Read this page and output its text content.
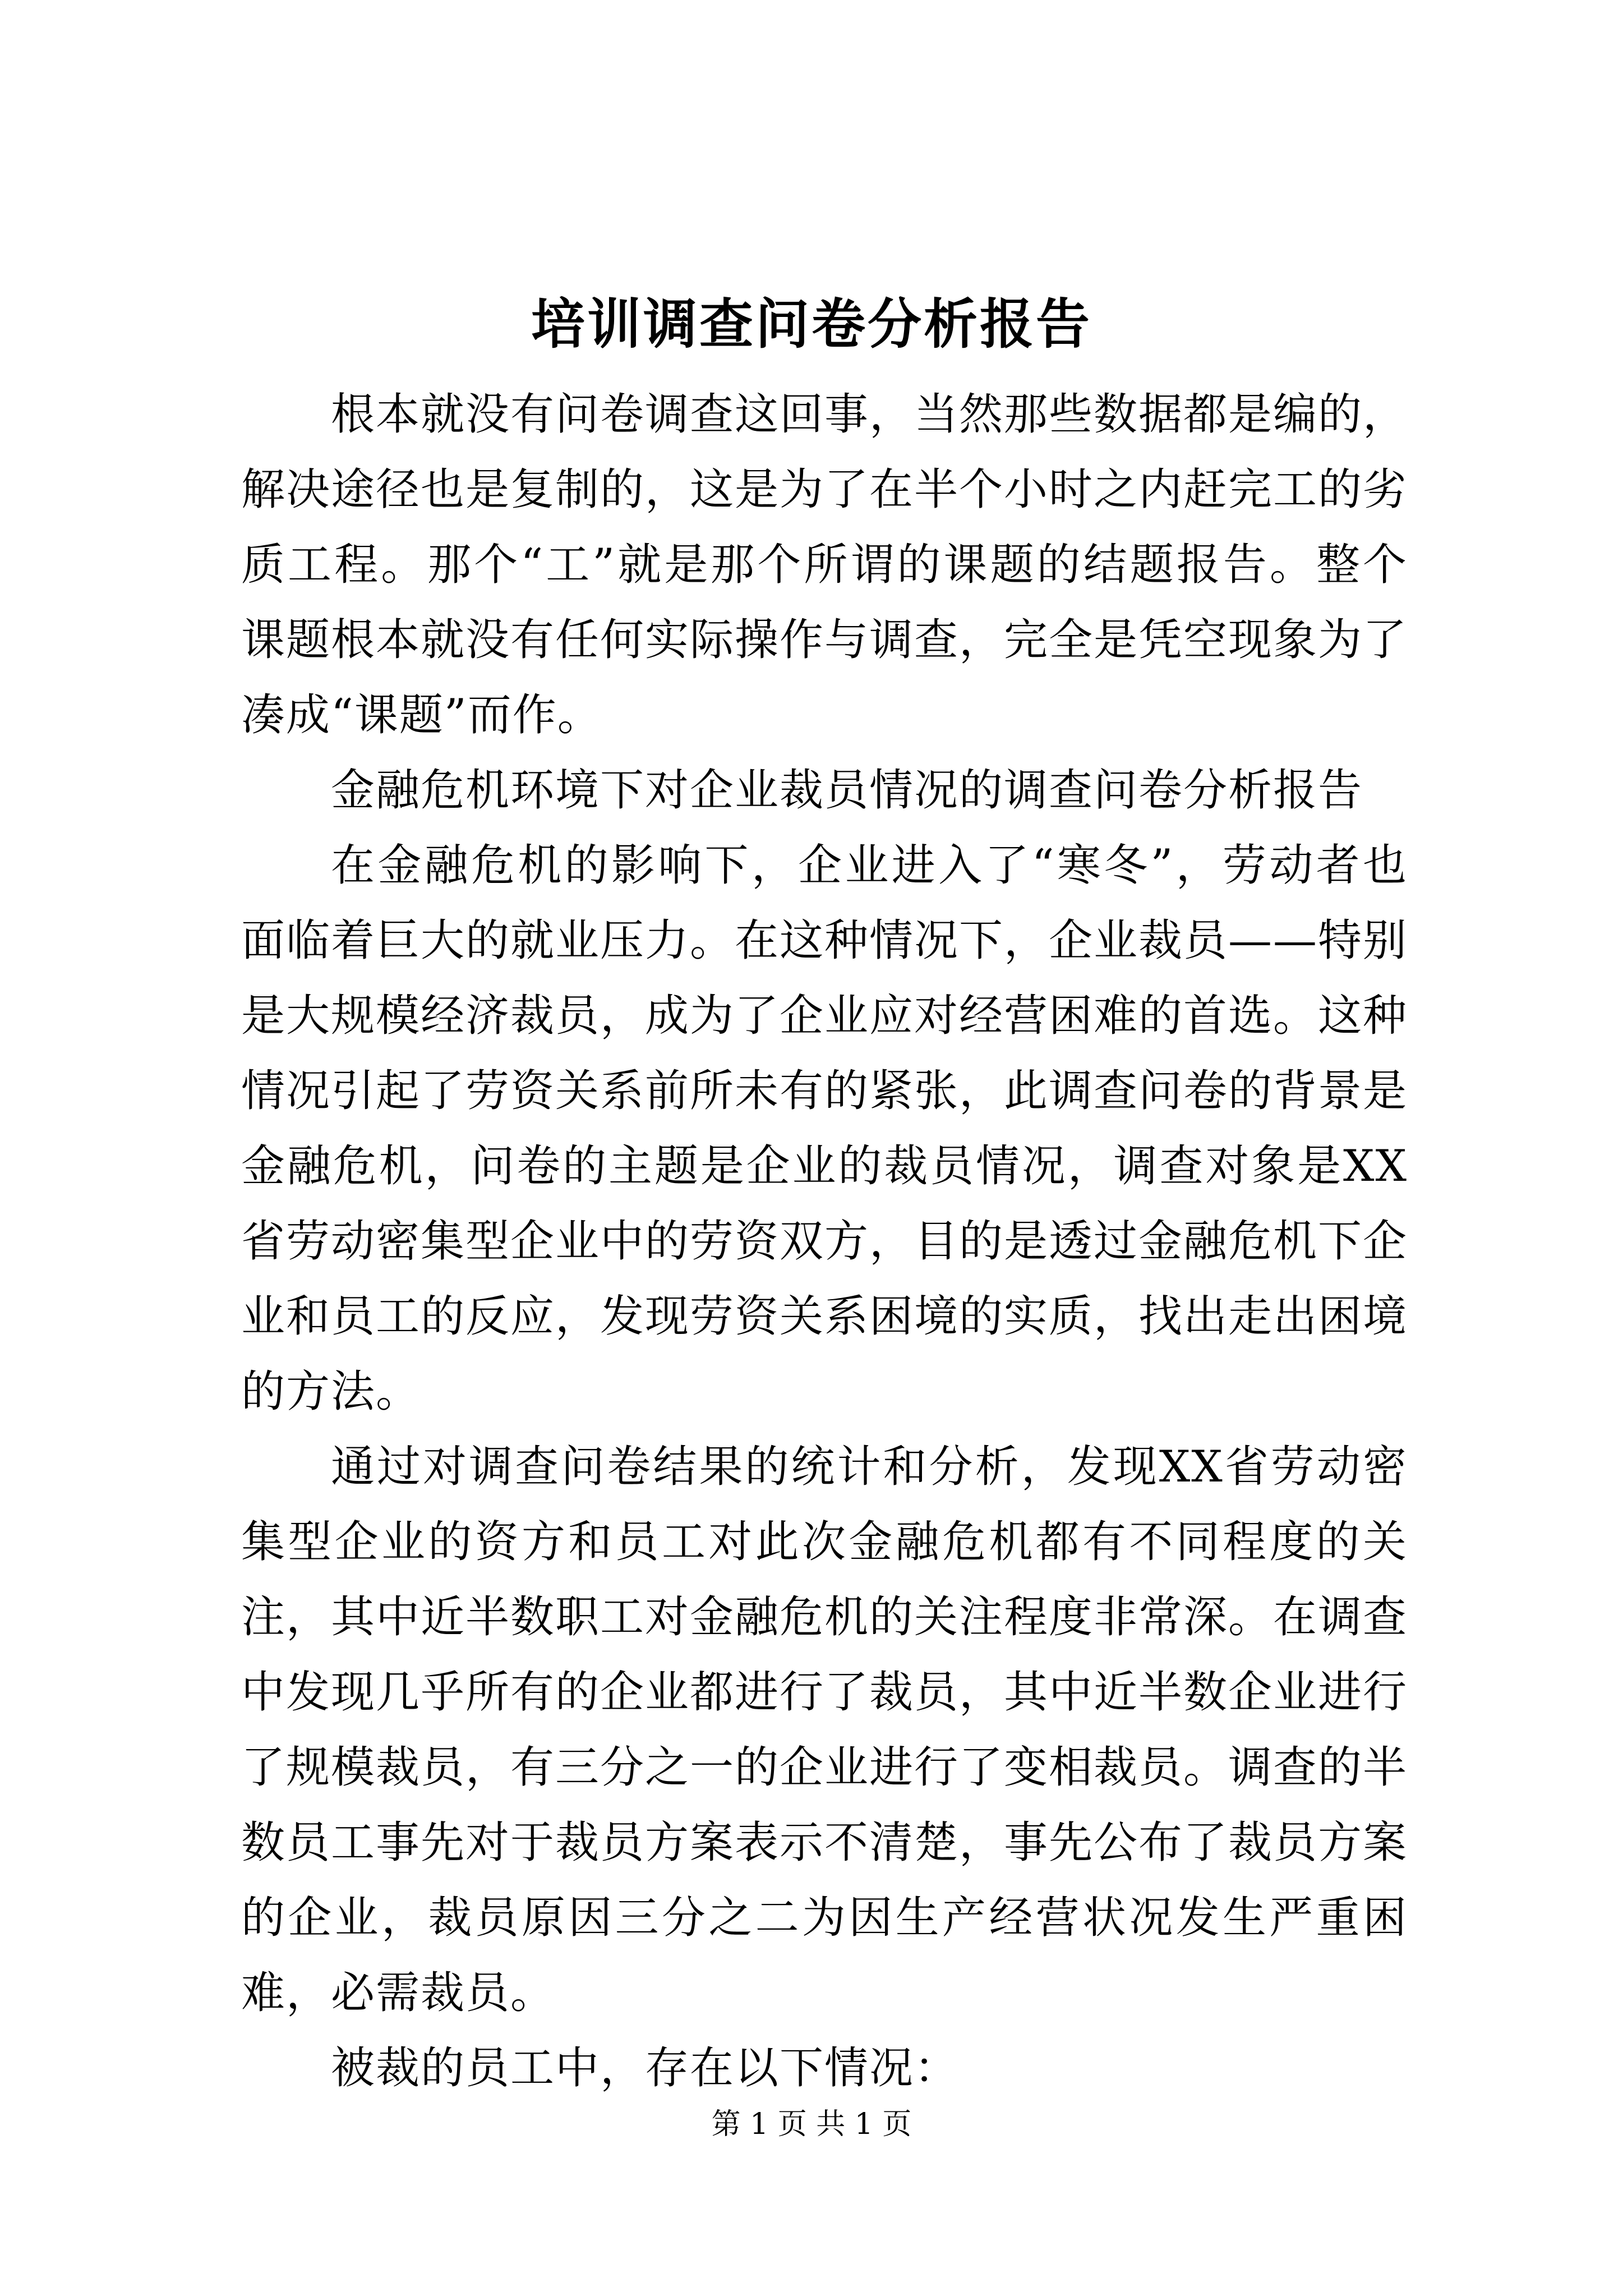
培训调查问卷分析报告

根本就没有问卷调查这回事，当然那些数据都是编的，解决途径也是复制的，这是为了在半个小时之内赶完工的劣质工程。那个“工”就是那个所谓的课题的结题报告。整个课题根本就没有任何实际操作与调查，完全是凭空现象为了凑成“课题”而作。

金融危机环境下对企业裁员情况的调查问卷分析报告

在金融危机的影响下，企业进入了“寒冬”，劳动者也面临着巨大的就业压力。在这种情况下，企业裁员——特别是大规模经济裁员，成为了企业应对经营困难的首选。这种情况引起了劳资关系前所未有的紧张，此调查问卷的背景是金融危机，问卷的主题是企业的裁员情况，调查对象是XX省劳动密集型企业中的劳资双方，目的是透过金融危机下企业和员工的反应，发现劳资关系困境的实质，找出走出困境的方法。

通过对调查问卷结果的统计和分析，发现XX省劳动密集型企业的资方和员工对此次金融危机都有不同程度的关注，其中近半数职工对金融危机的关注程度非常深。在调查中发现几乎所有的企业都进行了裁员，其中近半数企业进行了规模裁员，有三分之一的企业进行了变相裁员。调查的半数员工事先对于裁员方案表示不清楚，事先公布了裁员方案的企业，裁员原因三分之二为因生产经营状况发生严重困难，必需裁员。

被裁的员工中，存在以下情况：

第 1 页 共 1 页
